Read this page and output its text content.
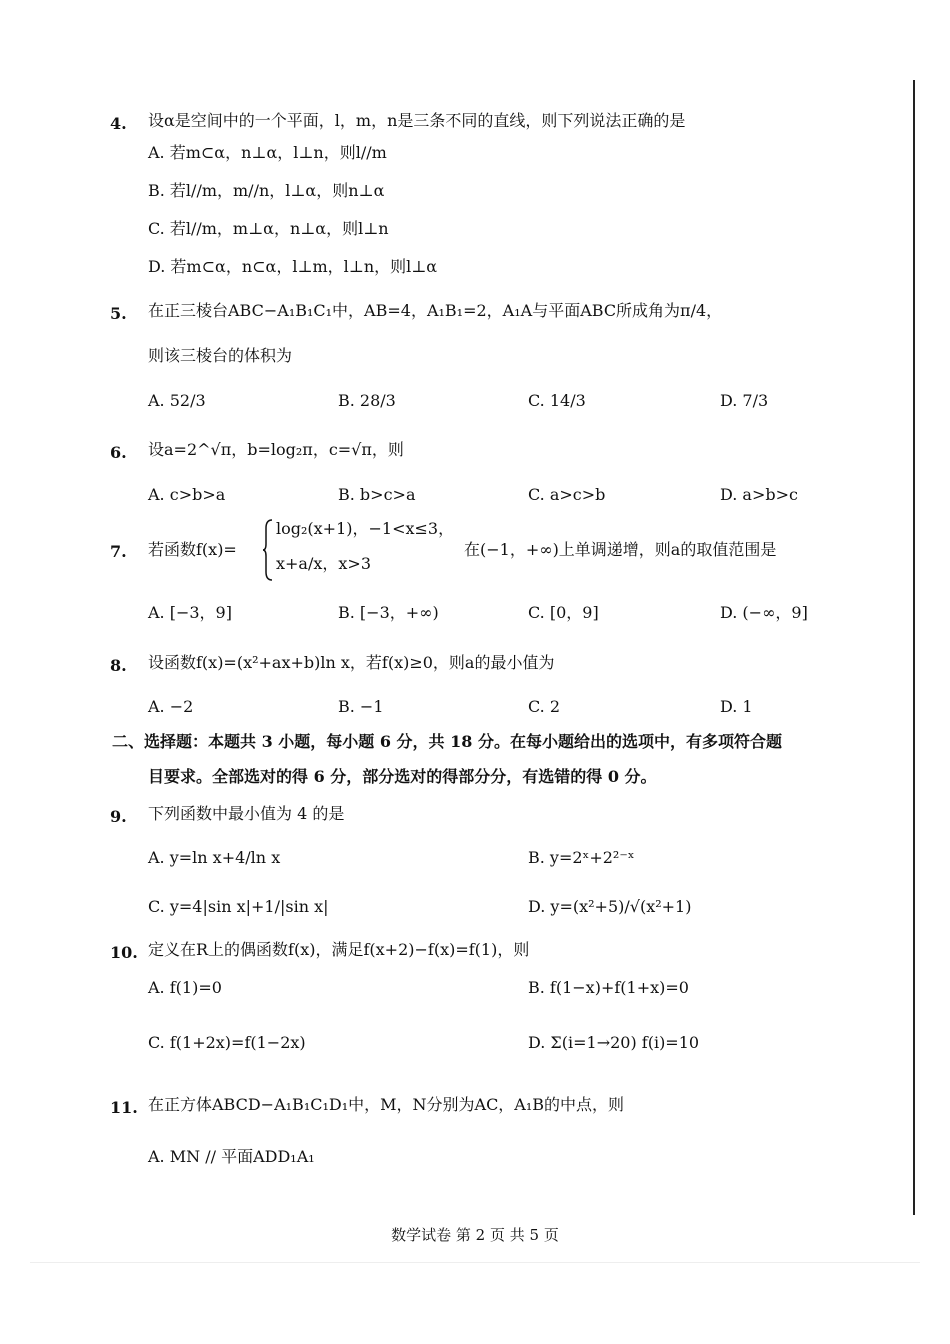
4. 设α是空间中的一个平面，l，m，n是三条不同的直线，则下列说法正确的是
A. 若m⊂α，n⊥α，l⊥n，则l//m
B. 若l//m，m//n，l⊥α，则n⊥α
C. 若l//m，m⊥α，n⊥α，则l⊥n
D. 若m⊂α，n⊂α，l⊥m，l⊥n，则l⊥α
5. 在正三棱台ABC−A₁B₁C₁中，AB=4，A₁B₁=2，A₁A与平面ABC所成角为π/4，
则该三棱台的体积为
A. 52/3	B. 28/3	C. 14/3	D. 7/3
6. 设a=2^√π，b=log₂π，c=√π，则
A. c>b>a	B. b>c>a	C. a>c>b	D. a>b>c
7. 若函数f(x)=
log₂(x+1)，−1<x≤3，
x+a/x，x>3
在(−1，+∞)上单调递增，则a的取值范围是
A. [−3，9]	B. [−3，+∞)	C. [0，9]	D. (−∞，9]
8. 设函数f(x)=(x²+ax+b)ln x，若f(x)≥0，则a的最小值为
A. −2	B. −1	C. 2	D. 1
二、选择题：本题共 3 小题，每小题 6 分，共 18 分。在每小题给出的选项中，有多项符合题
目要求。全部选对的得 6 分，部分选对的得部分分，有选错的得 0 分。
9. 下列函数中最小值为 4 的是
A. y=ln x+4/ln x	B. y=2ˣ+2²⁻ˣ
C. y=4|sin x|+1/|sin x|	D. y=(x²+5)/√(x²+1)
10. 定义在R上的偶函数f(x)，满足f(x+2)−f(x)=f(1)，则
A. f(1)=0	B. f(1−x)+f(1+x)=0
C. f(1+2x)=f(1−2x)	D. Σ(i=1→20) f(i)=10
11. 在正方体ABCD−A₁B₁C₁D₁中，M，N分别为AC，A₁B的中点，则
A. MN // 平面ADD₁A₁
数学试卷 第 2 页 共 5 页
